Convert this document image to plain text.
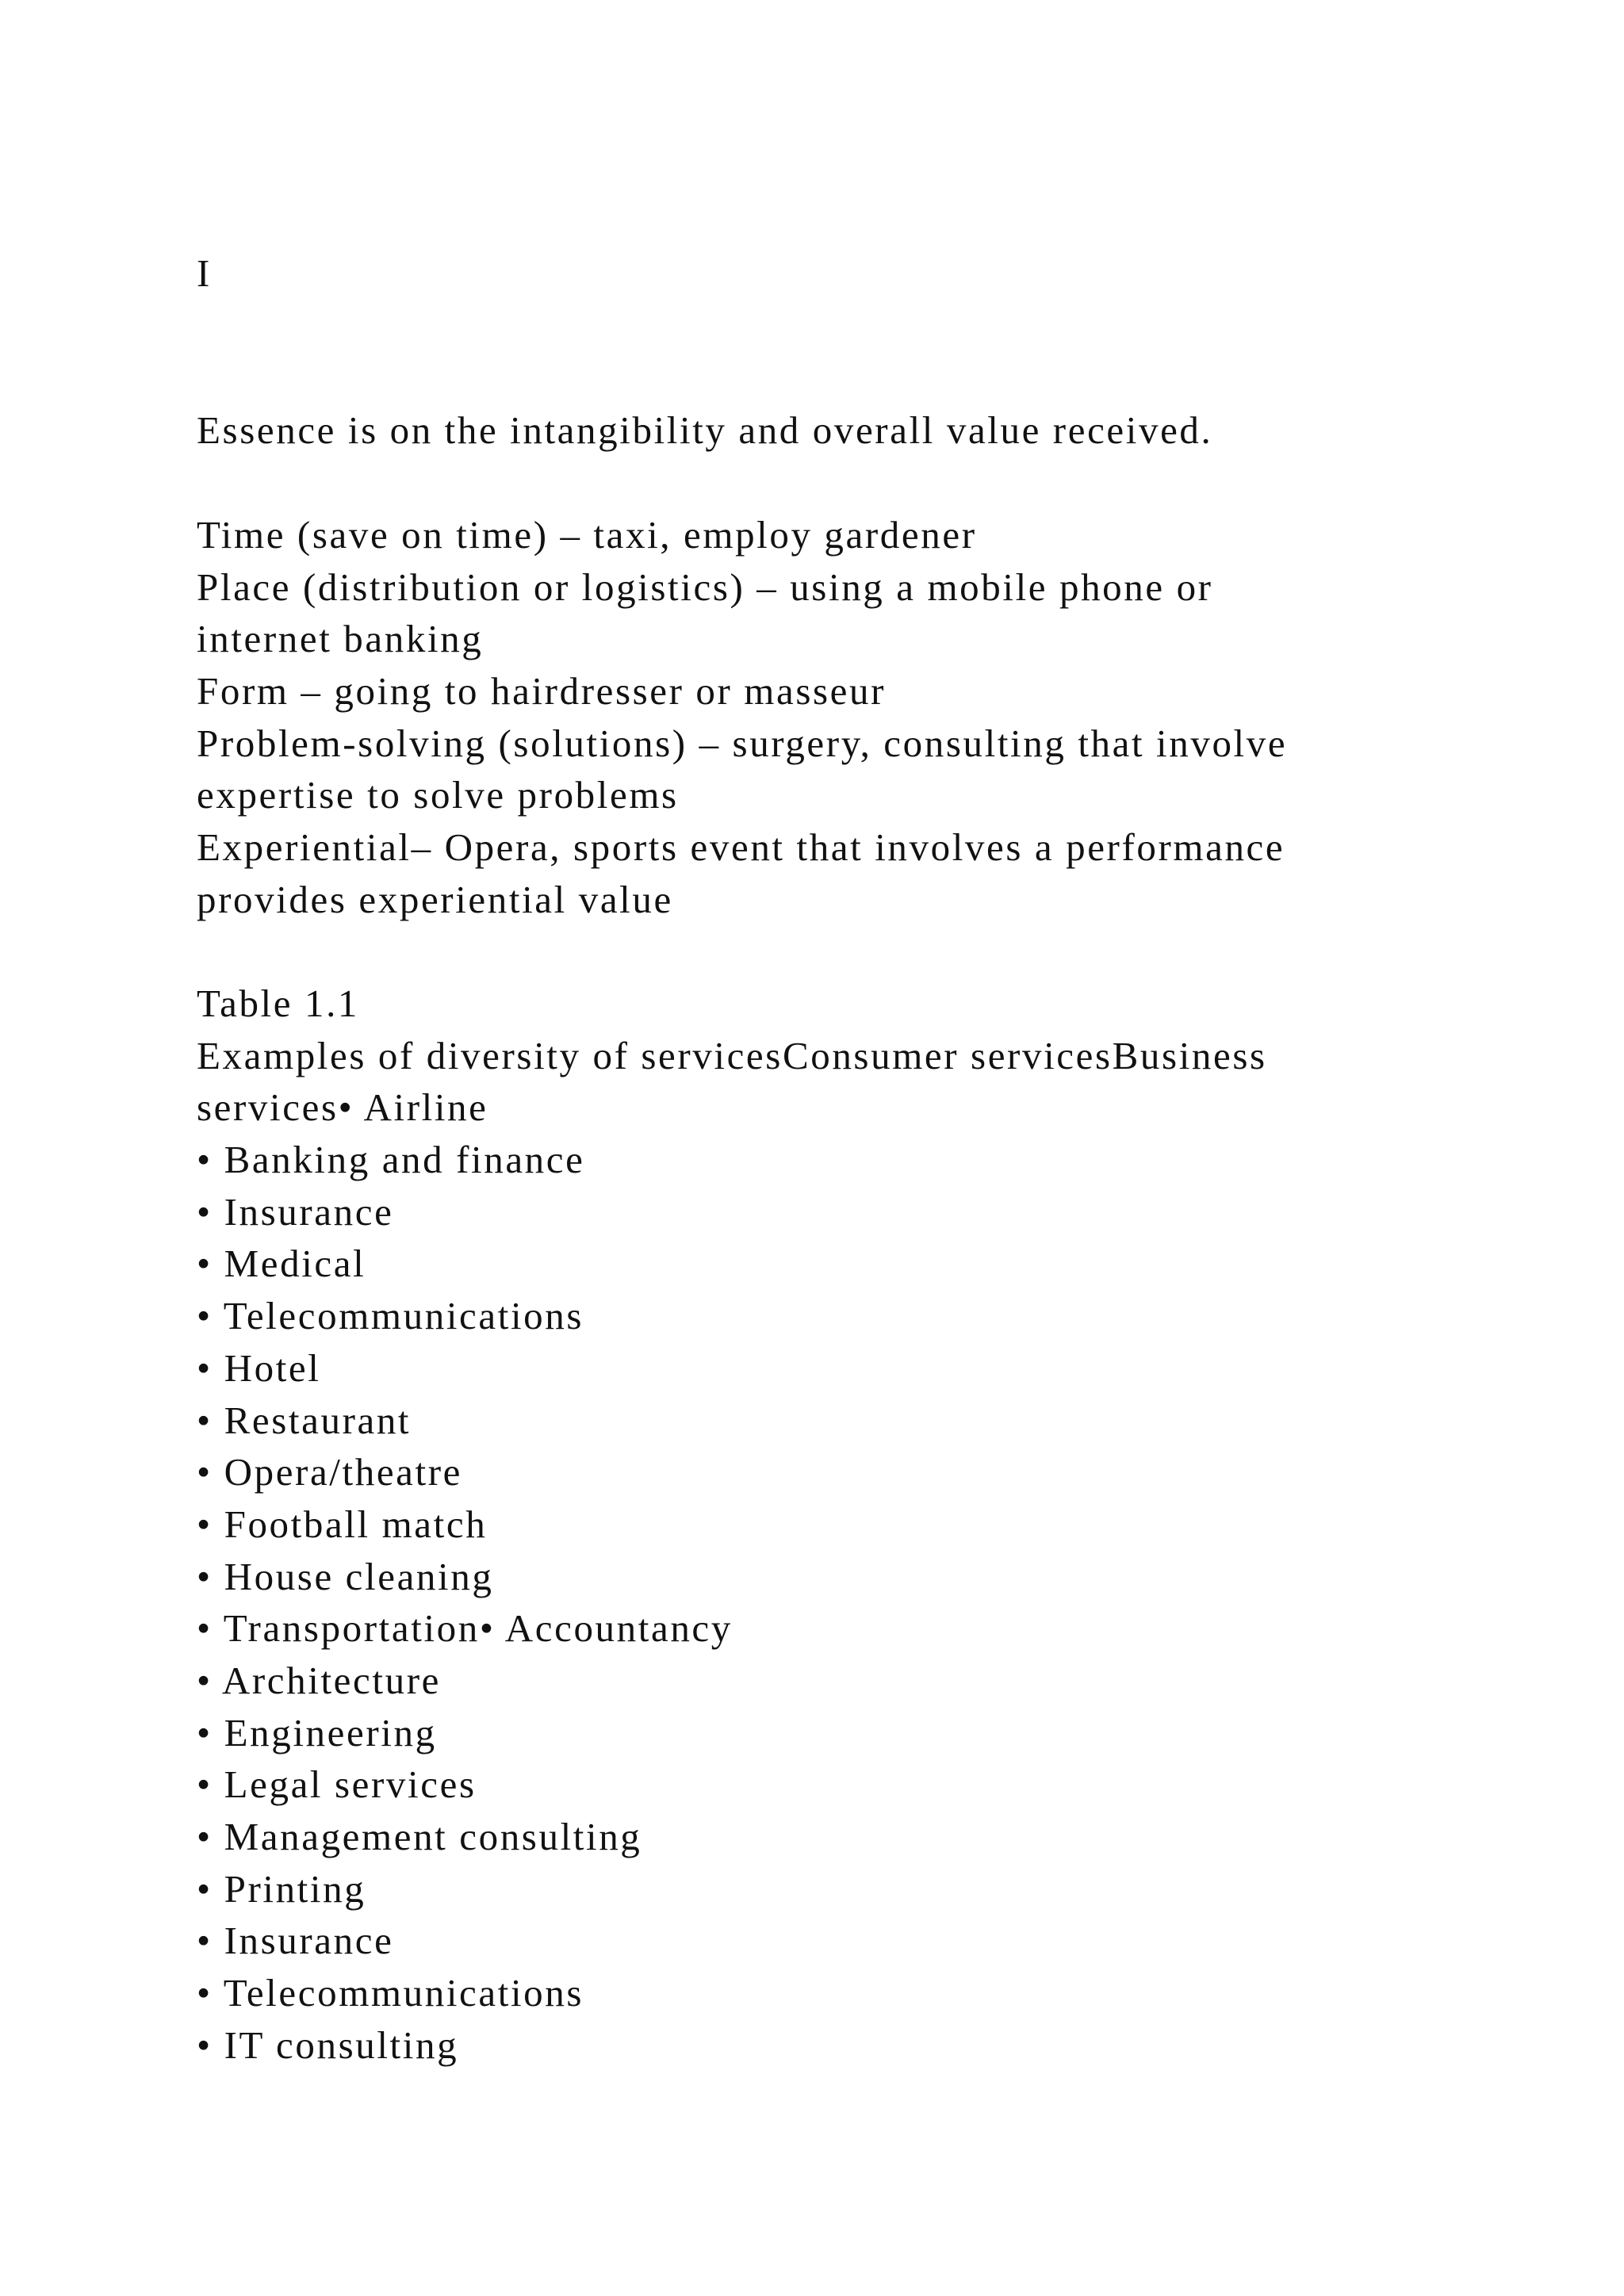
I
Essence is on the intangibility and overall value received.
Time (save on time) – taxi, employ gardener
Place (distribution or logistics) – using a mobile phone or
internet banking
Form – going to hairdresser or masseur
Problem-solving (solutions) – surgery, consulting that involve
expertise to solve problems
Experiential– Opera, sports event that involves a performance
provides experiential value
Table 1.1
Examples of diversity of servicesConsumer servicesBusiness
services• Airline
• Banking and finance
• Insurance
• Medical
• Telecommunications
• Hotel
• Restaurant
• Opera/theatre
• Football match
• House cleaning
• Transportation• Accountancy
• Architecture
• Engineering
• Legal services
• Management consulting
• Printing
• Insurance
• Telecommunications
• IT consulting
